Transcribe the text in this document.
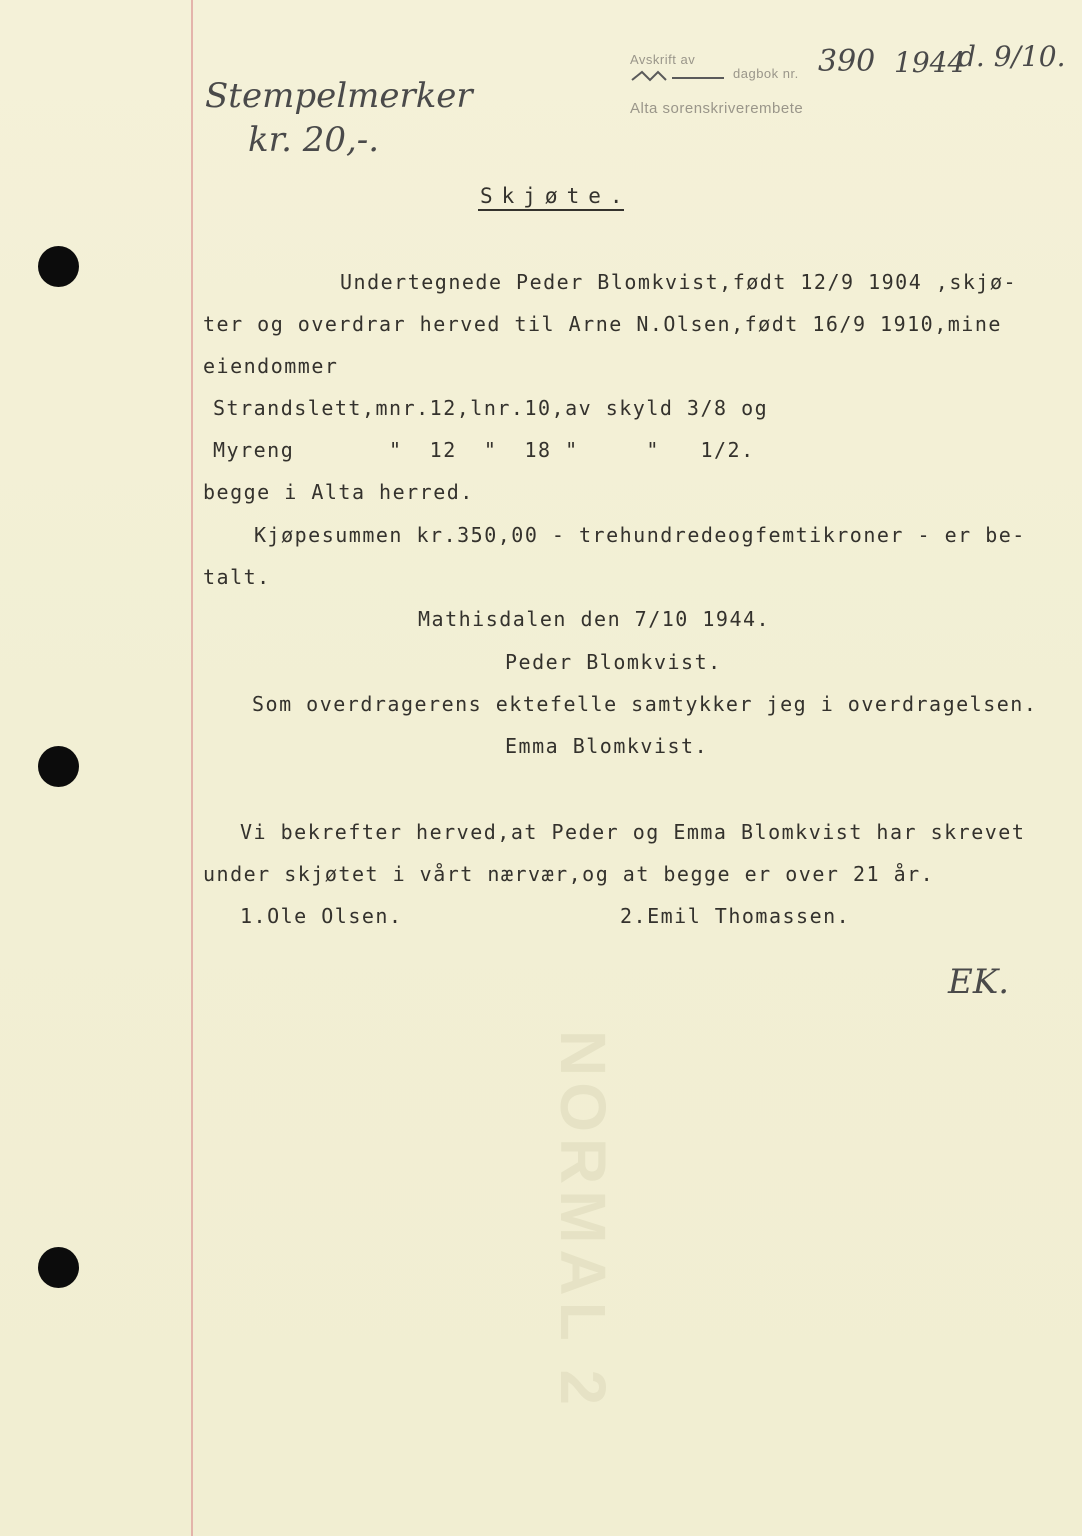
NORMAL 2
Avskrift av
dagbok nr.
Alta sorenskriverembete
390 1944
d. 9/10.
Stempelmerker
kr. 20,-.
Skjøte.
Undertegnede Peder Blomkvist,født 12/9 1904 ,skjø-
ter og overdrar herved til Arne N.Olsen,født 16/9 1910,mine
eiendommer
Strandslett,mnr.12,lnr.10,av skyld 3/8 og
Myreng       "  12  "  18 "     "   1/2.
begge i Alta herred.
Kjøpesummen kr.350,00 - trehundredeogfemtikroner - er be-
talt.
Mathisdalen den 7/10 1944.
Peder Blomkvist.
Som overdragerens ektefelle samtykker jeg i overdragelsen.
Emma Blomkvist.
Vi bekrefter herved,at Peder og Emma Blomkvist har skrevet
under skjøtet i vårt nærvær,og at begge er over 21 år.
1.Ole Olsen.	2.Emil Thomassen.
EK.
